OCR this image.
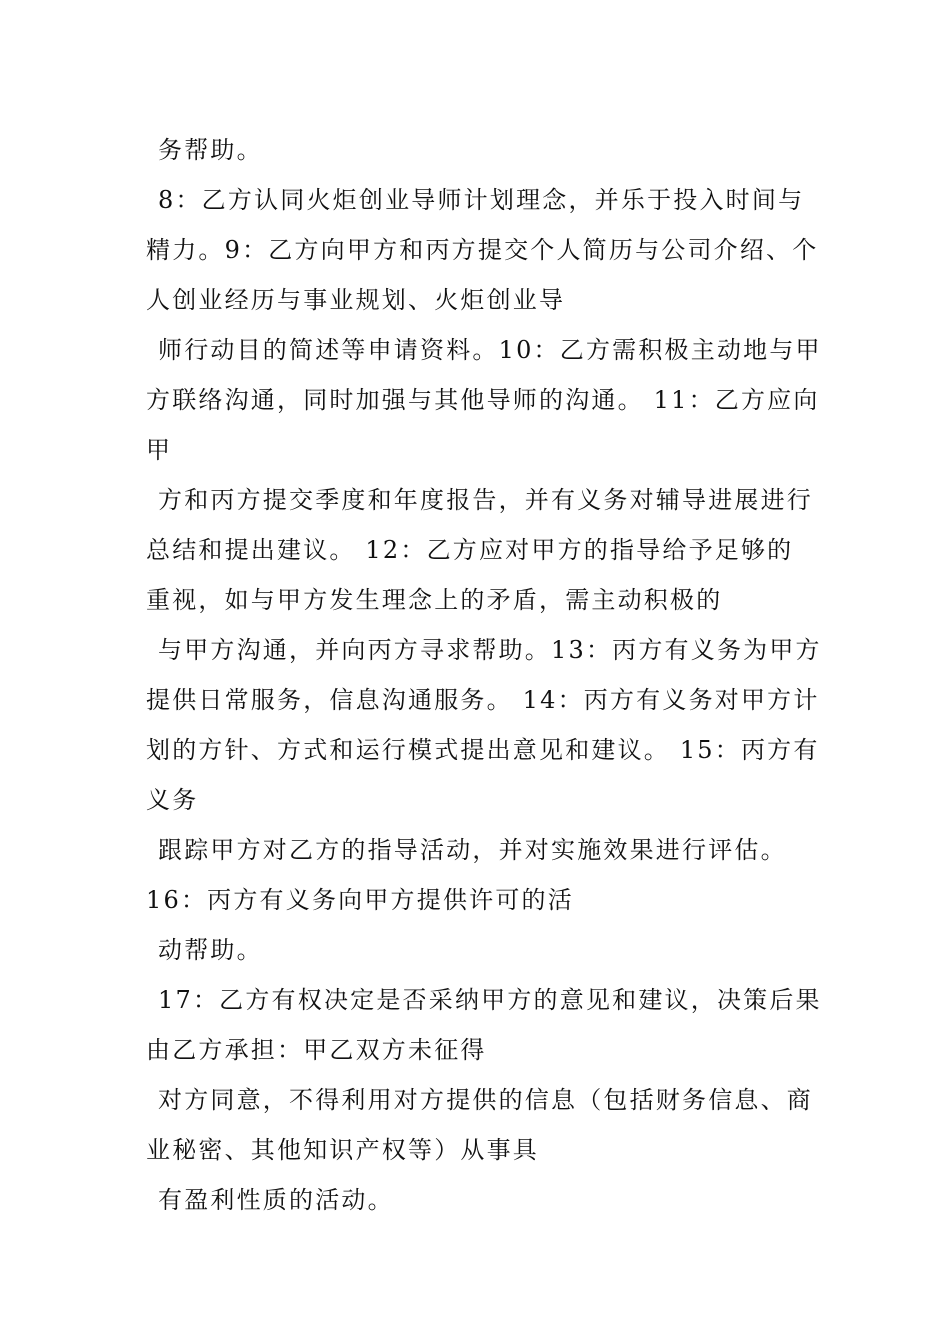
务帮助。
8：乙方认同火炬创业导师计划理念，并乐于投入时间与
精力。9：乙方向甲方和丙方提交个人简历与公司介绍、个
人创业经历与事业规划、火炬创业导
师行动目的简述等申请资料。10：乙方需积极主动地与甲
方联络沟通，同时加强与其他导师的沟通。 11：乙方应向
甲
方和丙方提交季度和年度报告，并有义务对辅导进展进行
总结和提出建议。 12：乙方应对甲方的指导给予足够的
重视，如与甲方发生理念上的矛盾，需主动积极的
与甲方沟通，并向丙方寻求帮助。13：丙方有义务为甲方
提供日常服务，信息沟通服务。 14：丙方有义务对甲方计
划的方针、方式和运行模式提出意见和建议。 15：丙方有
义务
跟踪甲方对乙方的指导活动，并对实施效果进行评估。
16：丙方有义务向甲方提供许可的活
动帮助。
17：乙方有权决定是否采纳甲方的意见和建议，决策后果
由乙方承担：甲乙双方未征得
对方同意，不得利用对方提供的信息（包括财务信息、商
业秘密、其他知识产权等）从事具
有盈利性质的活动。
